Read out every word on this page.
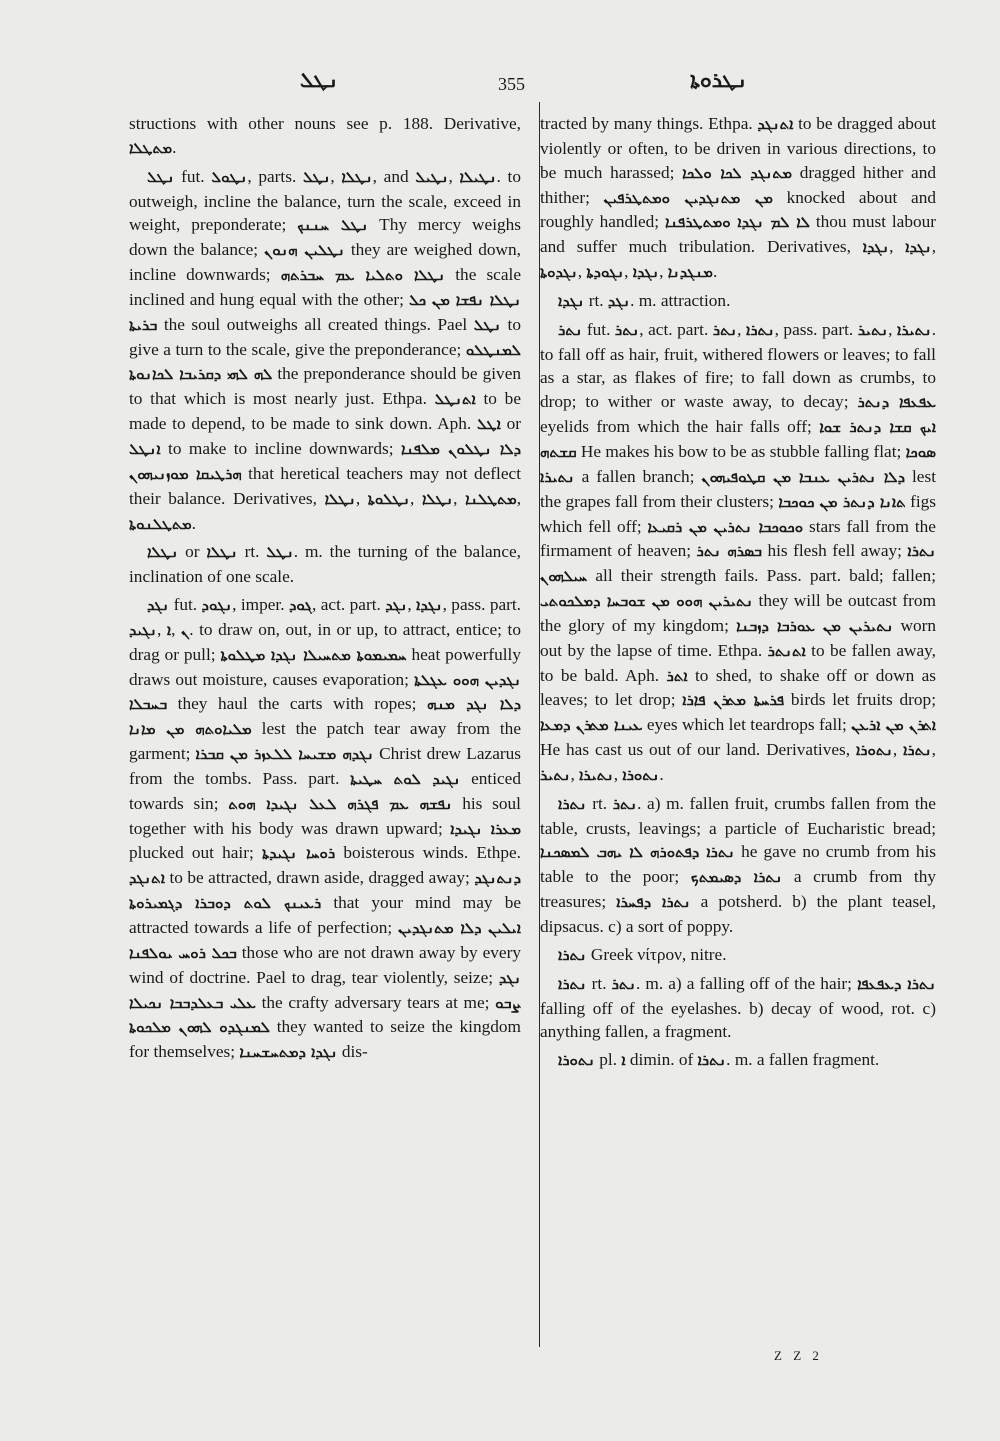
ܢܛܠ	355	ܢܛܪܘܬܐ

structions with other nouns see p. 188. Derivative, ܡܬܛܠܐ.

ܢܛܠ fut. ܢܛܘܠ, parts. ܢܛܠ, ܢܛܠܐ, and ܢܛܝܠ, ܢܛܝܠܐ. to outweigh, incline the balance, turn the scale, exceed in weight, preponderate; ܢܛܠ ܚܢܢܟ Thy mercy weighs down the balance; ܢܛܠܝܢ ܗܢܘܢ they are weighed down, incline downwards; ܢܛܠܐ ܘܬܠܝܐ ܥܡ ܚܒܪܬܗ the scale inclined and hung equal with the other; ܢܛܠܐ ܢܦܫܐ ܡܢ ܟܠ ܒܪܝܬܐ the soul outweighs all created things. Pael ܢܛܠ to give a turn to the scale, give the preponderance; ܠܡܢܛܠܘ ܠܗ ܠܗܝ ܕܩܪܝܒܐ ܠܟܐܢܘܬܐ the preponderance should be given to that which is most nearly just. Ethpa. ܐܬܢܛܠ to be made to depend, to be made to sink down. Aph. ܐܛܠ or ܐܢܛܠ to make to incline downwards; ܕܠܐ ܢܛܠܘܢ ܡܠܦܢܐ ܗܪܛܝܩܐ ܡܘܙܢܝܗܘܢ that heretical teachers may not deflect their balance. Derivatives, ܢܛܠܐ, ܢܛܠܘܬܐ, ܢܛܠܐ, ܡܬܛܠܢܐ, ܡܬܛܠܢܘܬܐ.

ܢܛܠܐ or ܢܛܠܐ rt. ܢܛܠ. m. the turning of the balance, inclination of one scale.

ܢܓܕ fut. ܢܓܘܕ, imper. ܓܘܕ, act. part. ܢܓܕ, ܢܓܕܐ, pass. part. ܢܓܝܕ, ܐ, ܢ. to draw on, out, in or up, to attract, entice; to drag or pull; ܚܡܝܡܘܬܐ ܡܬܚܝܠܐ ܢܓܕܐ ܡܛܠܘܬܐ heat powerfully draws out moisture, causes evaporation; ܢܓܕܝܢ ܗܘܘ ܥܓܠܬܐ ܒܚܒܠܐ they haul the carts with ropes; ܕܠܐ ܢܓܕ ܡܢܗ ܡܠܝܐܘܬܗ ܡܢ ܡܐܢܐ lest the patch tear away from the garment; ܢܓܕܗ ܡܫܝܚܐ ܠܠܥܙܪ ܡܢ ܩܒܪܐ Christ drew Lazarus from the tombs. Pass. part. ܢܓܝܕ ܠܘܬ ܚܛܝܬܐ enticed towards sin; ܢܦܫܗ ܥܡ ܦܓܪܗ ܠܥܠ ܢܓܝܕܐ ܗܘܬ his soul together with his body was drawn upward; ܡܥܪܐ ܢܓܝܕܐ plucked out hair; ܪܘܚܐ ܢܓܝܕܬܐ boisterous winds. Ethpe. ܐܬܢܓܕ to be attracted, drawn aside, dragged away; ܕܢܬܢܓܕ ܪܥܝܢܟ ܠܘܬ ܕܘܒܪܐ ܕܓܡܝܪܘܬܐ that your mind may be attracted towards a life of perfection; ܐܝܠܝܢ ܕܠܐ ܡܬܢܓܕܝܢ ܒܟܠ ܪܘܚ ܝܘܠܦܢܐ those who are not drawn away by every wind of doctrine. Pael to drag, tear violently, seize; ܢܓܕ ܥܠܝ ܒܥܠܕܒܒܐ ܢܟܝܠܐ the crafty adversary tears at me; ܨܒܘ ܠܡܢܓܕܘ ܠܗܘܢ ܡܠܟܘܬܐ they wanted to seize the kingdom for themselves; ܢܓܕܐ ܕܡܬܚܫܚܢܐ dis-

tracted by many things. Ethpa. ܐܬܢܓܕ to be dragged about violently or often, to be driven in various directions, to be much harassed; ܡܬܢܓܕ ܠܟܐ ܘܠܟܐ dragged hither and thither; ܡܢ ܡܬܢܓܕܝܢ ܘܡܬܛܪܦܝܢ knocked about and roughly handled; ܠܐ ܠܡ ܢܓܕܐ ܘܡܬܛܪܦܢܐ thou must labour and suffer much tribulation. Derivatives, ܢܓܕܐ, ܢܓܕܐ, ܢܓܕܘܬܐ, ܢܓܘܕܬܐ, ܢܓܕܐ, ܡܢܓܕܢܐ.

ܢܓܕܐ rt. ܢܓܕ. m. attraction.

ܢܬܪ fut. ܢܬܪ, act. part. ܢܬܪ, ܢܬܪܐ, pass. part. ܢܬܝܪ, ܢܬܝܪܐ. to fall off as hair, fruit, withered flowers or leaves; to fall as a star, as flakes of fire; to fall down as crumbs, to drop; to wither or waste away, to decay; ܥܦܥܦܐ ܕܢܬܪ eyelids from which the hair falls off; ܐܝܟ ܩܫܐ ܕܢܬܪ ܫܘܐ ܩܫܬܗ He makes his bow to be as stubble falling flat; ܣܘܟܐ ܢܬܝܪܐ a fallen branch; ܕܠܐ ܢܬܪܝܢ ܥܢܒܐ ܡܢ ܩܛܘܦܝܗܘܢ lest the grapes fall from their clusters; ܬܐܢܐ ܕܢܬܪ ܡܢ ܟܘܟܒܐ figs which fell off; ܘܟܘܟܒܐ ܢܬܪܝܢ ܡܢ ܪܩܝܥܐ stars fall from the firmament of heaven; ܒܣܪܗ ܢܬܪ his flesh fell away; ܢܬܪܐ ܚܝܠܗܘܢ all their strength fails. Pass. part. bald; fallen; ܢܬܝܪܝܢ ܗܘܘ ܡܢ ܫܘܒܚܐ ܕܡܠܟܘܬܝ they will be outcast from the glory of my kingdom; ܢܬܝܪܝܢ ܡܢ ܥܘܪܒܐ ܕܙܒܢܐ worn out by the lapse of time. Ethpa. ܐܬܢܬܪ to be fallen away, to be bald. Aph. ܐܬܪ to shed, to shake off or down as leaves; to let drop; ܦܪܚܬܐ ܡܬܪܢ ܦܐܪܐ birds let fruits drop; ܥܝܢܐ ܡܬܪܢ ܕܡܥܐ eyes which let teardrops fall; ܐܬܪܢ ܡܢ ܐܪܥܢ He has cast us out of our land. Derivatives, ܢܬܘܪܐ, ܢܬܪܐ, ܢܬܝܪ, ܢܬܝܪܐ, ܢܬܘܪܐ.

ܢܬܪܐ rt. ܢܬܪ. a) m. fallen fruit, crumbs fallen from the table, crusts, leavings; a particle of Eucharistic bread; ܢܬܪܐ ܕܦܬܘܪܗ ܠܐ ܝܗܒ ܠܡܣܟܢܐ he gave no crumb from his table to the poor; ܢܬܪܐ ܕܣܝܡܬܟ a crumb from thy treasures; ܢܬܪܐ ܕܦܚܪܐ a potsherd. b) the plant teasel, dipsacus. c) a sort of poppy.

ܢܬܪܐ Greek νίτρον, nitre.

ܢܬܪܐ rt. ܢܬܪ. m. a) a falling off of the hair; ܢܬܪܐ ܕܥܦܥܦܐ falling off of the eyelashes. b) decay of wood, rot. c) anything fallen, a fragment.

ܢܬܘܪܐ pl. ܐ dimin. of ܢܬܪܐ. m. a fallen fragment.

Z Z 2
